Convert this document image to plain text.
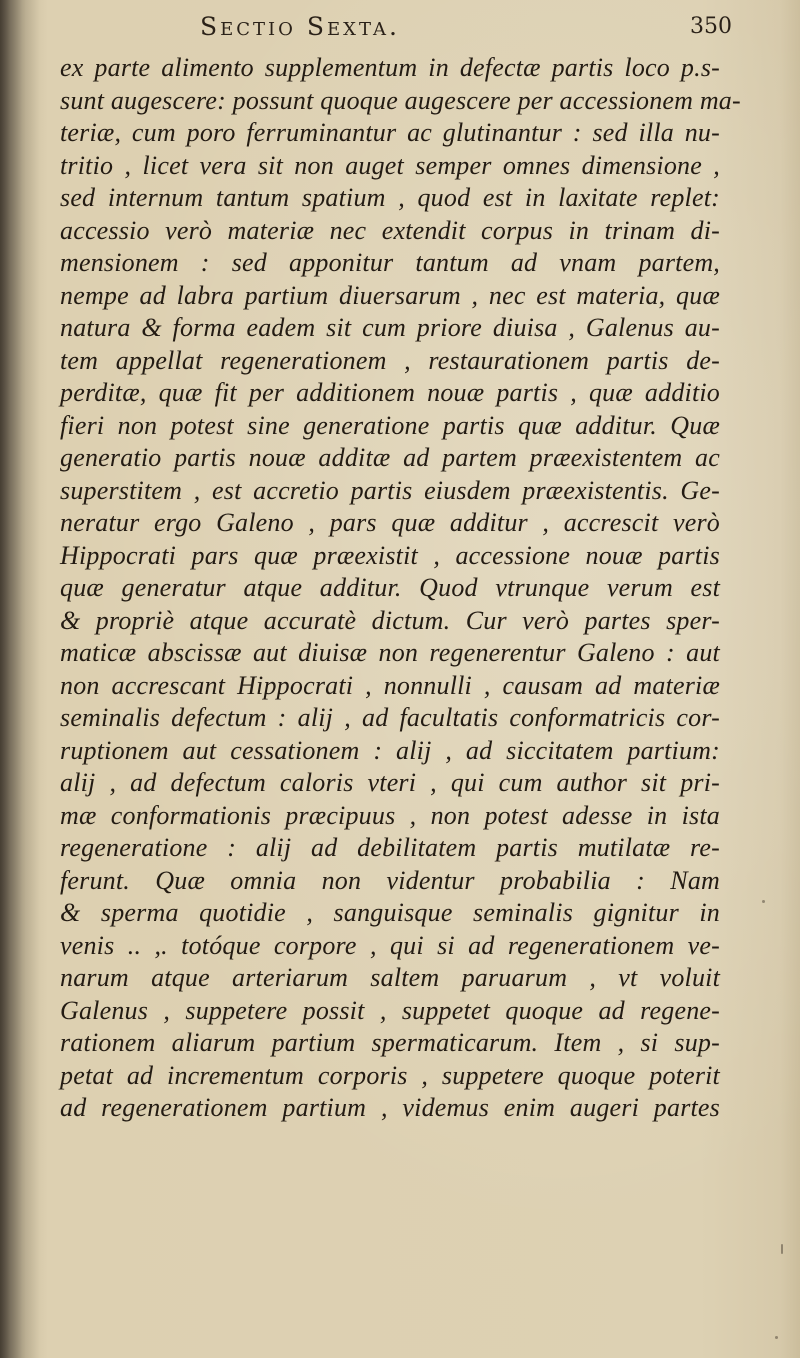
Sectio Sexta.	350
ex parte alimento supplementum in defectæ partis loco p.s-
sunt augescere: possunt quoque augescere per accessionem ma-
teriæ, cum poro ferruminantur ac glutinantur : sed illa nu-
tritio , licet vera sit non auget semper omnes dimensione ,
sed internum tantum spatium , quod est in laxitate replet:
accessio verò materiæ nec extendit corpus in trinam di-
mensionem : sed apponitur tantum ad vnam partem,
nempe ad labra partium diuersarum , nec est materia, quæ
natura & forma eadem sit cum priore diuisa , Galenus au-
tem appellat regenerationem , restaurationem partis de-
perditæ, quæ fit per additionem nouæ partis , quæ additio
fieri non potest sine generatione partis quæ additur. Quæ
generatio partis nouæ additæ ad partem præexistentem ac
superstitem , est accretio partis eiusdem præexistentis. Ge-
neratur ergo Galeno , pars quæ additur , accrescit verò
Hippocrati pars quæ præexistit , accessione nouæ partis
quæ generatur atque additur. Quod vtrunque verum est
& propriè atque accuratè dictum. Cur verò partes sper-
maticæ abscissæ aut diuisæ non regenerentur Galeno : aut
non accrescant Hippocrati , nonnulli , causam ad materiæ
seminalis defectum : alij , ad facultatis conformatricis cor-
ruptionem aut cessationem : alij , ad siccitatem partium:
alij , ad defectum caloris vteri , qui cum author sit pri-
mæ conformationis præcipuus , non potest adesse in ista
regeneratione : alij ad debilitatem partis mutilatæ re-
ferunt. Quæ omnia non videntur probabilia : Nam
& sperma quotidie , sanguisque seminalis gignitur in
venis .. ,. totóque corpore , qui si ad regenerationem ve-
narum atque arteriarum saltem paruarum , vt voluit
Galenus , suppetere possit , suppetet quoque ad regene-
rationem aliarum partium spermaticarum. Item , si sup-
petat ad incrementum corporis , suppetere quoque poterit
ad regenerationem partium , videmus enim augeri partes
